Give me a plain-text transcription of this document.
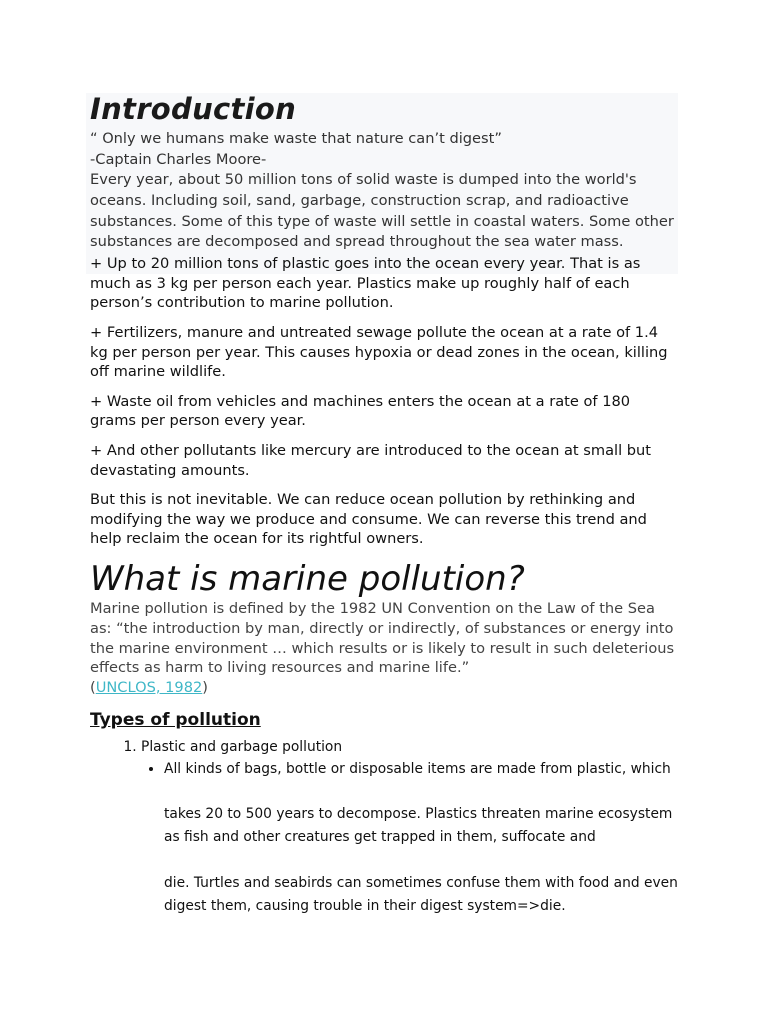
Introduction

“ Only we humans make waste that nature can’t digest”

-Captain Charles Moore-

Every year, about 50 million tons of solid waste is dumped into the world's oceans. Including soil, sand, garbage, construction scrap, and radioactive substances. Some of this type of waste will settle in coastal waters. Some other substances are decomposed and spread throughout the sea water mass.

+ Up to 20 million tons of plastic goes into the ocean every year. That is as much as 3 kg per person each year. Plastics make up roughly half of each person’s contribution to marine pollution.

+ Fertilizers, manure and untreated sewage pollute the ocean at a rate of 1.4 kg per person per year. This causes hypoxia or dead zones in the ocean, killing off marine wildlife.

+ Waste oil from vehicles and machines enters the ocean at a rate of 180 grams per person every year.

+ And other pollutants like mercury are introduced to the ocean at small but devastating amounts.

But this is not inevitable. We can reduce ocean pollution by rethinking and modifying the way we produce and consume. We can reverse this trend and help reclaim the ocean for its rightful owners.

What is marine pollution?

Marine pollution is defined by the 1982 UN Convention on the Law of the Sea as: “the introduction by man, directly or indirectly, of substances or energy into the marine environment … which results or is likely to result in such deleterious effects as harm to living resources and marine life.”
(UNCLOS, 1982)

Types of pollution
1. Plastic and garbage pollution
• All kinds of bags, bottle or disposable items are made from plastic, which

takes 20 to 500 years to decompose. Plastics threaten marine ecosystem as fish and other creatures get trapped in them, suffocate and

die. Turtles and seabirds can sometimes confuse them with food and even digest them, causing trouble in their digest system=>die.
